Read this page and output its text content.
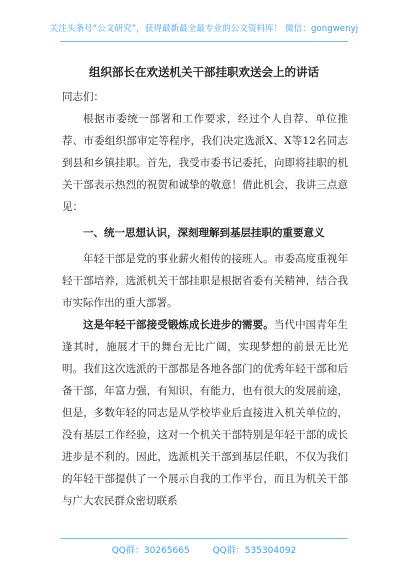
关注头条号“公文研究”，获得最新最全最专业的公文资料库！ 微信：gongwenyj
组织部长在欢送机关干部挂职欢送会上的讲话

同志们：

根据市委统一部署和工作要求，经过个人自荐、单位推荐、市委组织部审定等程序，我们决定选派X、X等12名同志到县和乡镇挂职。首先，我受市委书记委托，向即将挂职的机关干部表示热烈的祝贺和诚挚的敬意！借此机会，我讲三点意见：

一、统一思想认识，深刻理解到基层挂职的重要意义

年轻干部是党的事业薪火相传的接班人。市委高度重视年轻干部培养，选派机关干部挂职是根据省委有关精神，结合我市实际作出的重大部署。

这是年轻干部接受锻炼成长进步的需要。当代中国青年生逢其时，施展才干的舞台无比广阔，实现梦想的前景无比光明。我们这次选派的干部都是各地各部门的优秀年轻干部和后备干部，年富力强，有知识，有能力，也有很大的发展前途，但是，多数年轻的同志是从学校毕业后直接进入机关单位的，没有基层工作经验，这对一个机关干部特别是年轻干部的成长进步是不利的。因此，选派机关干部到基层任职，不仅为我们的年轻干部提供了一个展示自我的工作平台，而且为机关干部与广大农民群众密切联系

QQ群：30265665	QQ群：535304092
